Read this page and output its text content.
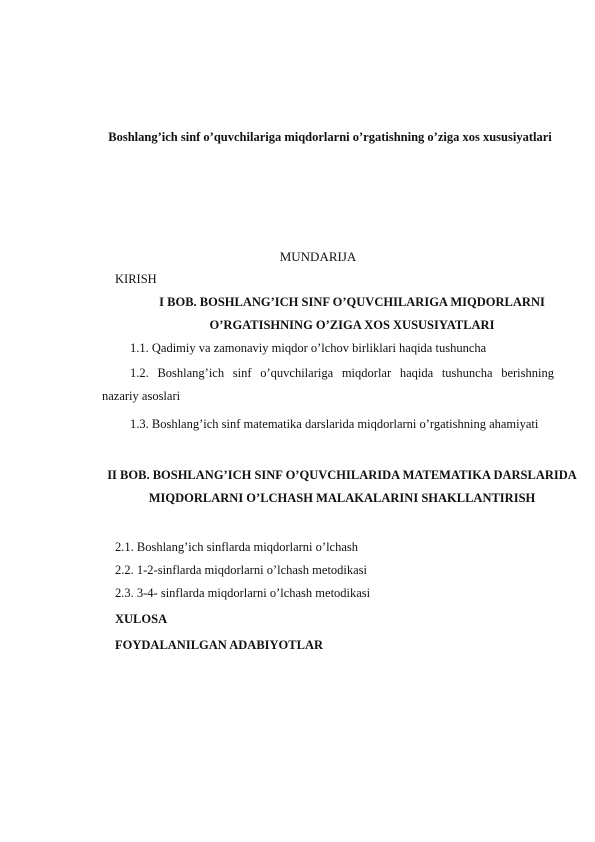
Boshlang’ich sinf o’quvchilariga miqdorlarni o’rgatishning o’ziga xos xususiyatlari
MUNDARIJA
KIRISH
I BOB. BOSHLANG’ICH SINF O’QUVCHILARIGA MIQDORLARNI O’RGATISHNING O’ZIGA XOS XUSUSIYATLARI
1.1. Qadimiy va zamonaviy miqdor o’lchov birliklari haqida tushuncha
1.2. Boshlang’ich sinf o’quvchilariga miqdorlar haqida tushuncha berishning nazariy asoslari
1.3. Boshlang’ich sinf matematika darslarida miqdorlarni o’rgatishning ahamiyati
II BOB. BOSHLANG’ICH SINF O’QUVCHILARIDA MATEMATIKA DARSLARIDA MIQDORLARNI O’LCHASH MALAKALARINI SHAKLLANTIRISH
2.1. Boshlang’ich sinflarda miqdorlarni o’lchash
2.2. 1-2-sinflarda miqdorlarni o’lchash metodikasi
2.3. 3-4- sinflarda miqdorlarni o’lchash metodikasi
XULOSA
FOYDALANILGAN ADABIYOTLAR
